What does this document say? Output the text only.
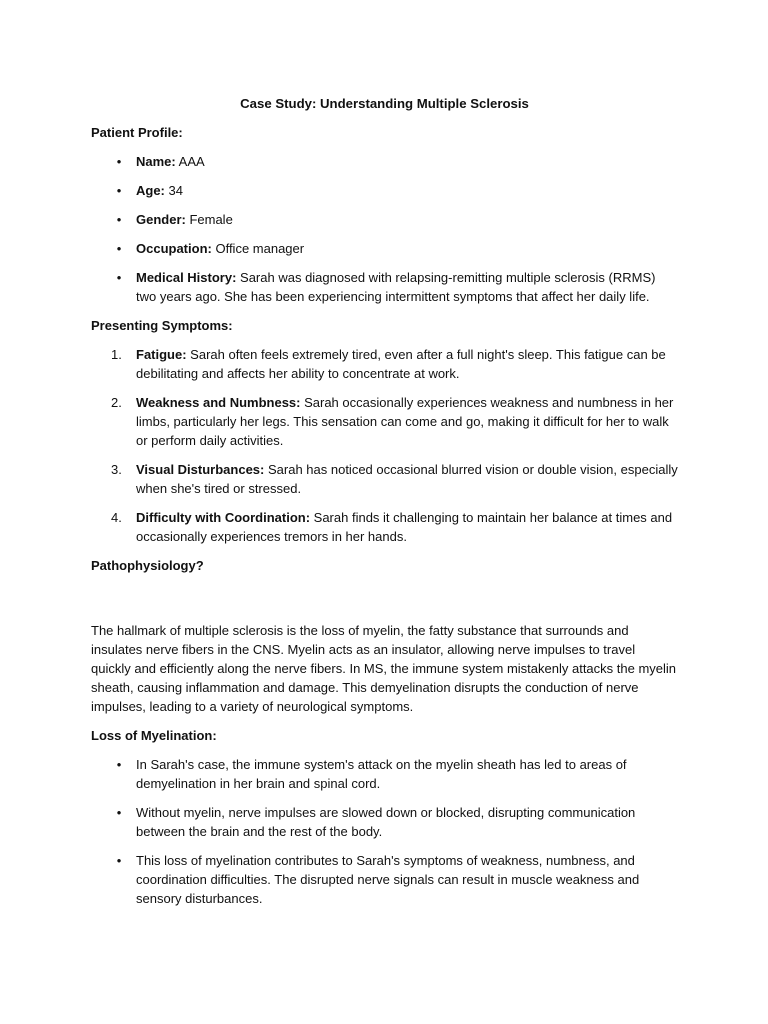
Case Study: Understanding Multiple Sclerosis
Patient Profile:
•	Name: AAA
•	Age: 34
•	Gender: Female
•	Occupation: Office manager
•	Medical History: Sarah was diagnosed with relapsing-remitting multiple sclerosis (RRMS) two years ago. She has been experiencing intermittent symptoms that affect her daily life.
Presenting Symptoms:
1. Fatigue: Sarah often feels extremely tired, even after a full night's sleep. This fatigue can be debilitating and affects her ability to concentrate at work.
2. Weakness and Numbness: Sarah occasionally experiences weakness and numbness in her limbs, particularly her legs. This sensation can come and go, making it difficult for her to walk or perform daily activities.
3. Visual Disturbances: Sarah has noticed occasional blurred vision or double vision, especially when she's tired or stressed.
4. Difficulty with Coordination: Sarah finds it challenging to maintain her balance at times and occasionally experiences tremors in her hands.
Pathophysiology?

The hallmark of multiple sclerosis is the loss of myelin, the fatty substance that surrounds and insulates nerve fibers in the CNS. Myelin acts as an insulator, allowing nerve impulses to travel quickly and efficiently along the nerve fibers. In MS, the immune system mistakenly attacks the myelin sheath, causing inflammation and damage. This demyelination disrupts the conduction of nerve impulses, leading to a variety of neurological symptoms.

Loss of Myelination:
•	In Sarah's case, the immune system's attack on the myelin sheath has led to areas of demyelination in her brain and spinal cord.
•	Without myelin, nerve impulses are slowed down or blocked, disrupting communication between the brain and the rest of the body.
•	This loss of myelination contributes to Sarah's symptoms of weakness, numbness, and coordination difficulties. The disrupted nerve signals can result in muscle weakness and sensory disturbances.
